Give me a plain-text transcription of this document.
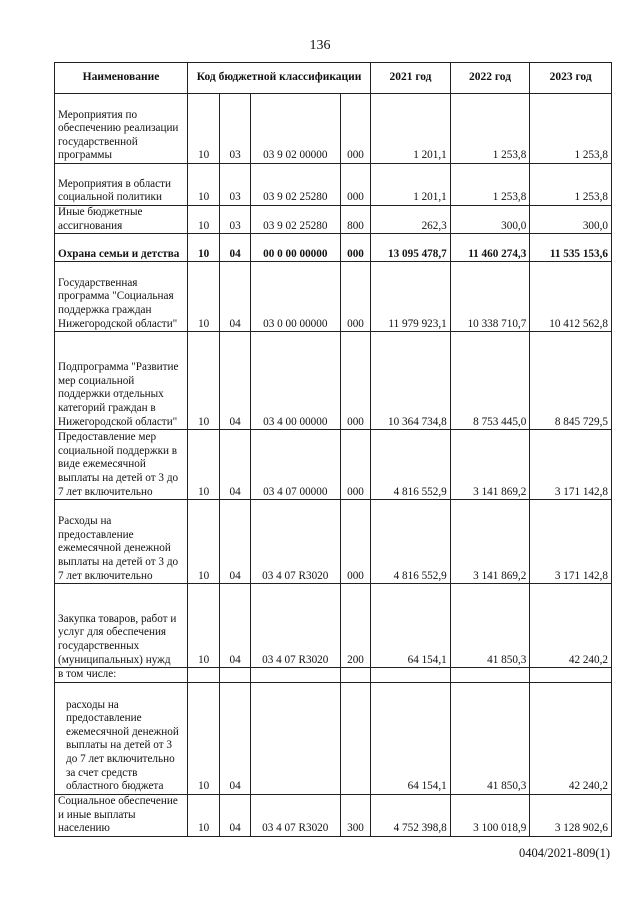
136
Наименование	Код бюджетной классификации				2021 год	2022 год	2023 год

Мероприятия по обеспечению реализации государственной программы	10	03	03 9 02 00000	000	1 201,1	1 253,8	1 253,8

Мероприятия в области социальной политики	10	03	03 9 02 25280	000	1 201,1	1 253,8	1 253,8

Иные бюджетные ассигнования	10	03	03 9 02 25280	800	262,3	300,0	300,0

Охрана семьи и детства	10	04	00 0 00 00000	000	13 095 478,7	11 460 274,3	11 535 153,6

Государственная программа "Социальная поддержка граждан Нижегородской области"	10	04	03 0 00 00000	000	11 979 923,1	10 338 710,7	10 412 562,8

Подпрограмма "Развитие мер социальной поддержки отдельных категорий граждан в Нижегородской области"	10	04	03 4 00 00000	000	10 364 734,8	8 753 445,0	8 845 729,5

Предоставление мер социальной поддержки в виде ежемесячной выплаты на детей от 3 до 7 лет включительно	10	04	03 4 07 00000	000	4 816 552,9	3 141 869,2	3 171 142,8

Расходы на предоставление ежемесячной денежной выплаты на детей от 3 до 7 лет включительно	10	04	03 4 07 R3020	000	4 816 552,9	3 141 869,2	3 171 142,8

Закупка товаров, работ и услуг для обеспечения государственных (муниципальных) нужд	10	04	03 4 07 R3020	200	64 154,1	41 850,3	42 240,2

в том числе:							

расходы на предоставление ежемесячной денежной выплаты на детей от 3 до 7 лет включительно за счет средств областного бюджета	10	04			64 154,1	41 850,3	42 240,2

Социальное обеспечение и иные выплаты населению	10	04	03 4 07 R3020	300	4 752 398,8	3 100 018,9	3 128 902,6
0404/2021-809(1)
